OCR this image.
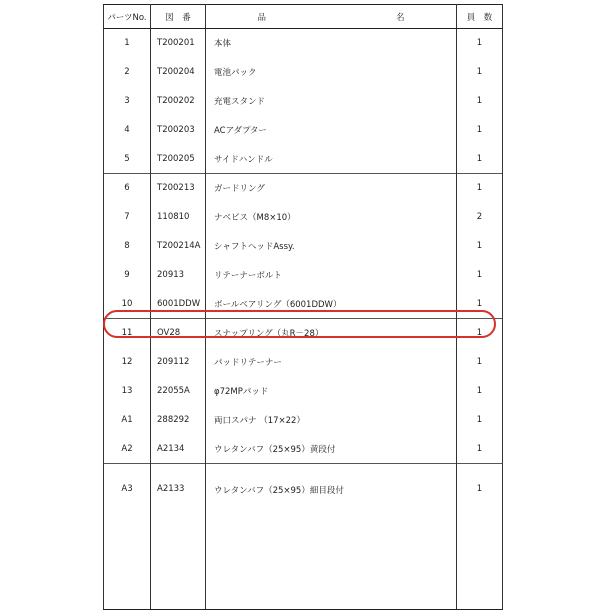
パーツNo.	図　番	品 名	員　数
1	T200201	本体	1
2	T200204	電池パック	1
3	T200202	充電スタンド	1
4	T200203	ACアダプター	1
5	T200205	サイドハンドル	1
6	T200213	ガードリング	1
7	110810	ナベビス（M8×10）	2
8	T200214A	シャフトヘッドAssy.	1
9	20913	リテーナーボルト	1
10	6001DDW	ボールベアリング（6001DDW）	1
11	OV28	スナップリング（丸R－28）	1
12	209112	パッドリテーナー	1
13	22055A	φ72MPパッド	1
A1	288292	両口スパナ （17×22）	1
A2	A2134	ウレタンバフ（25×95）黄段付	1
A3	A2133	ウレタンバフ（25×95）細目段付	1
